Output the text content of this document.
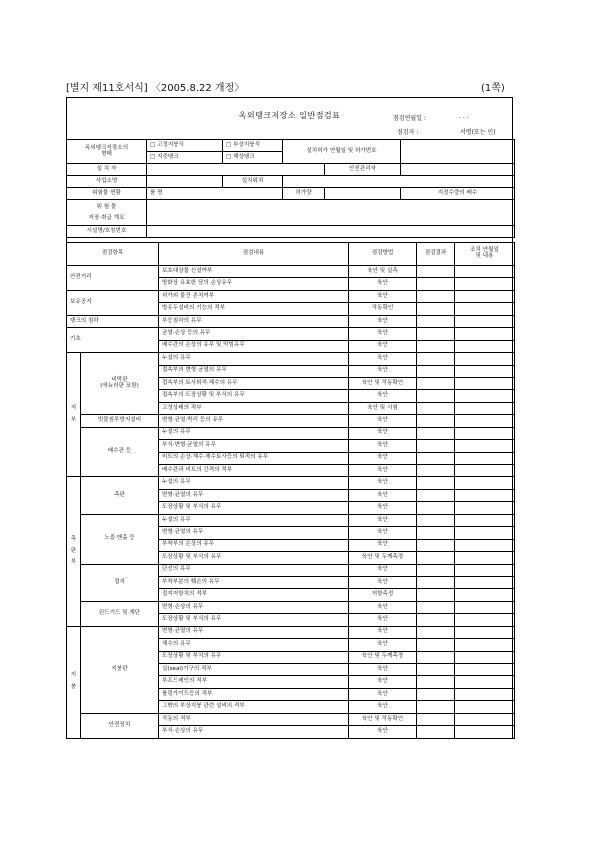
[별지 제11호서식] 〈2005.8.22 개정〉	(1쪽)
옥외탱크저장소 일반점검표	점검연월일 :	. . .
점검자 :	서명(또는 인)
옥외탱크저장소의
형태	□ 고정지붕식	□ 부상지붕식	설치허가 연월일 및 허가번호		
	□ 지중탱크	□ 해상탱크			
설 치 자				안전관리자	
사업소명		설치위치			
위험물 현황	품 명		허가량		지정수량의 배수
위 험 물
저장·취급 개요					
시설명/호칭번호					
점검항목		점검내용	점검방법	점검결과	조치 연월일
및 내용
안전거리		보호대상물 신설여부	육안 및 실측		
		방화상 유효한 담의 손상유무	육안		
보유공지		허가외 물건 존치여부	육안		
		방유두설비의 기능의 적부	작동확인		
탱크의 침하		부등침하의 유무	육안		
기초		균열·손상 등의 유무	육안		
		배수관의 손상의 유무 및 막힘유무	육안		
지

부	비막판
(애뉴러판 포함)	누설의 유무	육안		
		접속부의 변형·균열의 유무	육안		
		접속부의 토사퇴적·체수의 유무	육안 및 작동확인		
		접속부의 도장상황 및 부식의 유무	육안		
		고정상태의 적부	육안 및 시험		
	빗물침투방지설비	변형·균열·박리 등의 유무	육안		
	배수관 등	누설의 유무	육안		
		부식·변형·균열의 유무	육안		
		비트의 손상·체수·체수토사등의 퇴적의 유무	육안		
		배수관과 비트의 간격의 적부	육안		
측

판

부	측판	누설의 유무	육안		
		변형·균열의 유무	육안		
		도장상황 및 부식의 유무	육안		
	노즐·맨홀 등	누설의 유무	육안		
		변형·균열의 유무	육안		
		부착부의 손상의 유무	육안		
		도장상황 및 부식의 유무	육안 및 두께측정		
	접지	단선의 유무	육안		
		부착부분의 훼손의 유무	육안		
		접지저항치의 적부	저항측정		
	윈드거드 및 계단	변형·손상의 유무	육안		
		도장상황 및 부식의 유무	육안		
지

붕	지붕판	변형·균열의 유무	육안		
		체수의 유무	육안		
		도장상황 및 부식의 유무	육안 및 두께측정		
		실(seal)기구의 적부	육안		
		루프드레인의 적부	육안		
		롤링가이드등의 적부	육안		
		그밖의 부상지붕 관련 설비의 적부	육안		
	안전장치	작동의 적부	육안 및 작동확인		
		부식·손상의 유무	육안		
